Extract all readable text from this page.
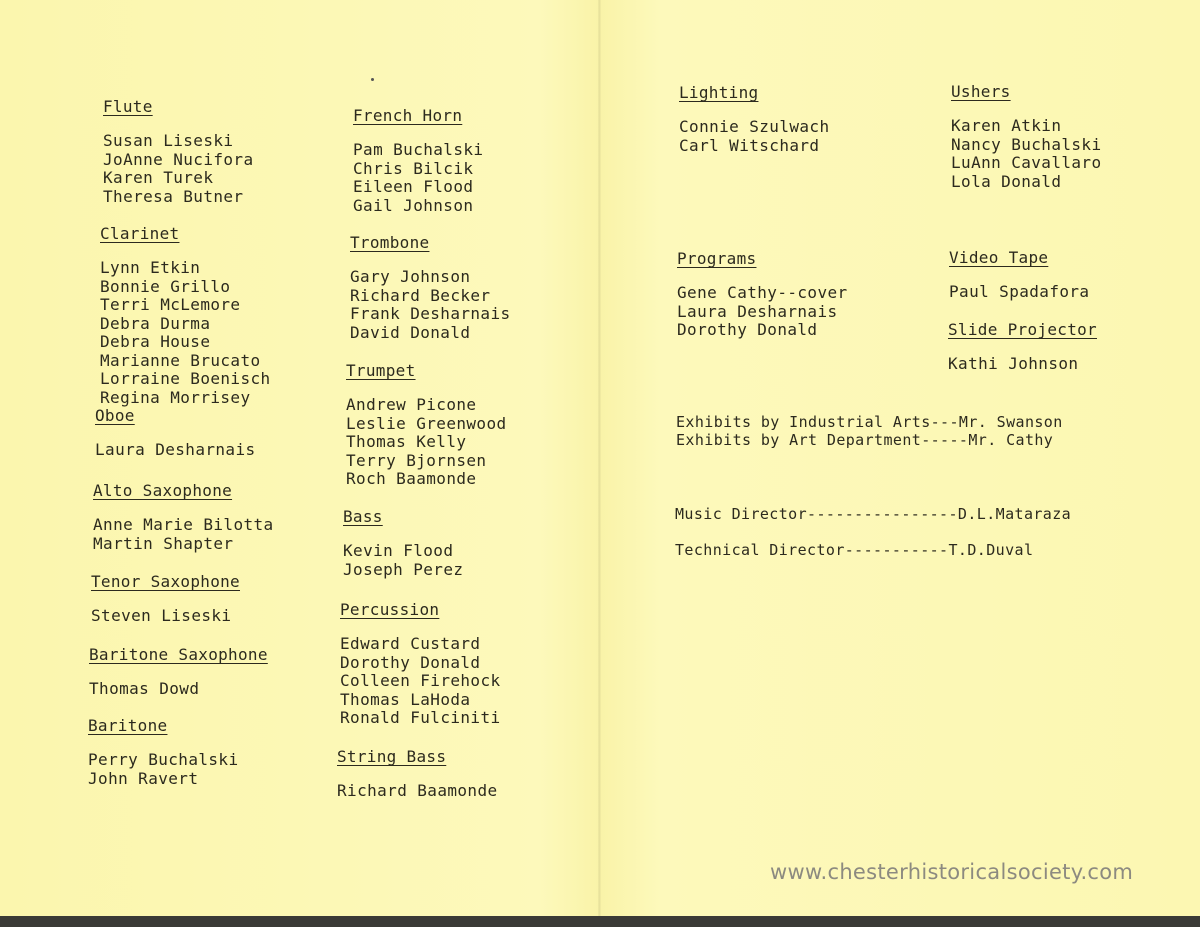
Flute
Susan Liseski
JoAnne Nucifora
Karen Turek
Theresa Butner
Clarinet
Lynn Etkin
Bonnie Grillo
Terri McLemore
Debra Durma
Debra House
Marianne Brucato
Lorraine Boenisch
Regina Morrisey
Oboe
Laura Desharnais
Alto Saxophone
Anne Marie Bilotta
Martin Shapter
Tenor Saxophone
Steven Liseski
Baritone Saxophone
Thomas Dowd
Baritone
Perry Buchalski
John Ravert
French Horn
Pam Buchalski
Chris Bilcik
Eileen Flood
Gail Johnson
Trombone
Gary Johnson
Richard Becker
Frank Desharnais
David Donald
Trumpet
Andrew Picone
Leslie Greenwood
Thomas Kelly
Terry Bjornsen
Roch Baamonde
Bass
Kevin Flood
Joseph Perez
Percussion
Edward Custard
Dorothy Donald
Colleen Firehock
Thomas LaHoda
Ronald Fulciniti
String Bass
Richard Baamonde
Lighting
Connie Szulwach
Carl Witschard
Ushers
Karen Atkin
Nancy Buchalski
LuAnn Cavallaro
Lola Donald
Programs
Gene Cathy--cover
Laura Desharnais
Dorothy Donald
Video Tape
Paul Spadafora
Slide Projector
Kathi Johnson
Exhibits by Industrial Arts---Mr. Swanson
Exhibits by Art Department-----Mr. Cathy
Music Director----------------D.L.Mataraza
Technical Director-----------T.D.Duval
www.chesterhistoricalsociety.com
